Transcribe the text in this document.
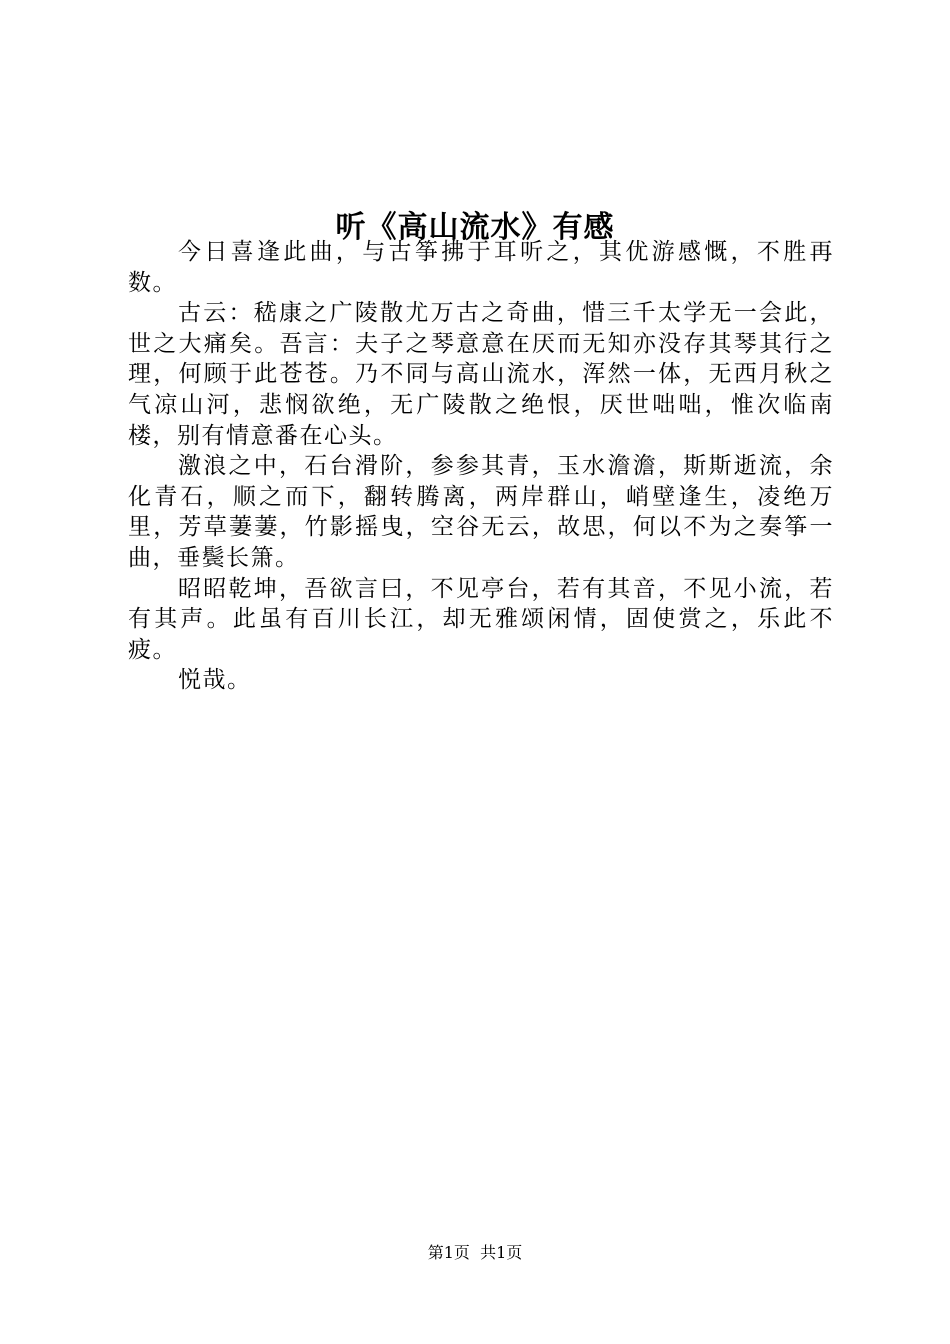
听《高山流水》有感

今日喜逢此曲，与古筝拂于耳听之，其优游感慨，不胜再数。

古云：嵇康之广陵散尤万古之奇曲，惜三千太学无一会此，世之大痛矣。吾言：夫子之琴意意在厌而无知亦没存其琴其行之理，何顾于此苍苍。乃不同与高山流水，浑然一体，无西月秋之气凉山河，悲悯欲绝，无广陵散之绝恨，厌世咄咄，惟次临南楼，别有情意番在心头。

激浪之中，石台滑阶，参参其青，玉水澹澹，斯斯逝流，余化青石，顺之而下，翻转腾离，两岸群山，峭壁逢生，凌绝万里，芳草萋萋，竹影摇曳，空谷无云，故思，何以不为之奏筝一曲，垂鬓长箫。

昭昭乾坤，吾欲言曰，不见亭台，若有其音，不见小流，若有其声。此虽有百川长江，却无雅颂闲情，固使赏之，乐此不疲。

悦哉。

第1页  共1页
